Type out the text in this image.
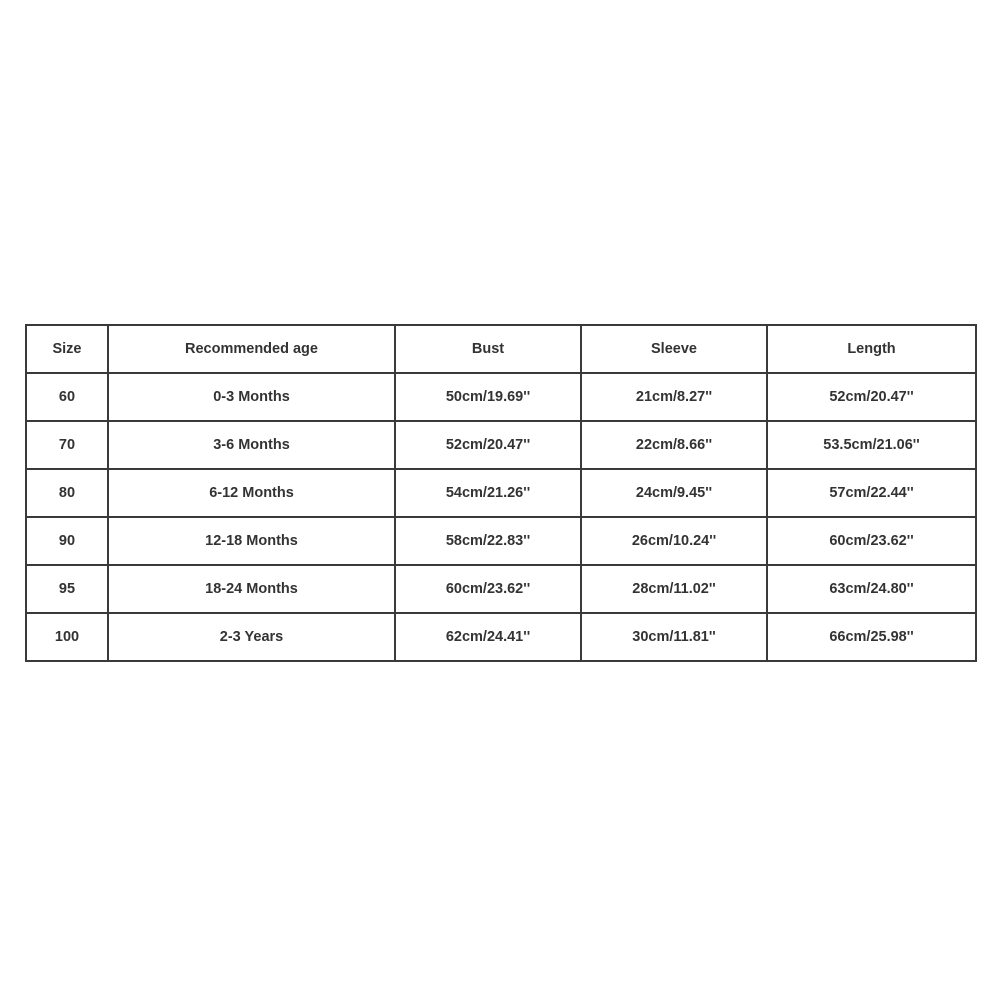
Size	Recommended age	Bust	Sleeve	Length
60	0-3 Months	50cm/19.69''	21cm/8.27''	52cm/20.47''
70	3-6 Months	52cm/20.47''	22cm/8.66''	53.5cm/21.06''
80	6-12 Months	54cm/21.26''	24cm/9.45''	57cm/22.44''
90	12-18 Months	58cm/22.83''	26cm/10.24''	60cm/23.62''
95	18-24 Months	60cm/23.62''	28cm/11.02''	63cm/24.80''
100	2-3 Years	62cm/24.41''	30cm/11.81''	66cm/25.98''
